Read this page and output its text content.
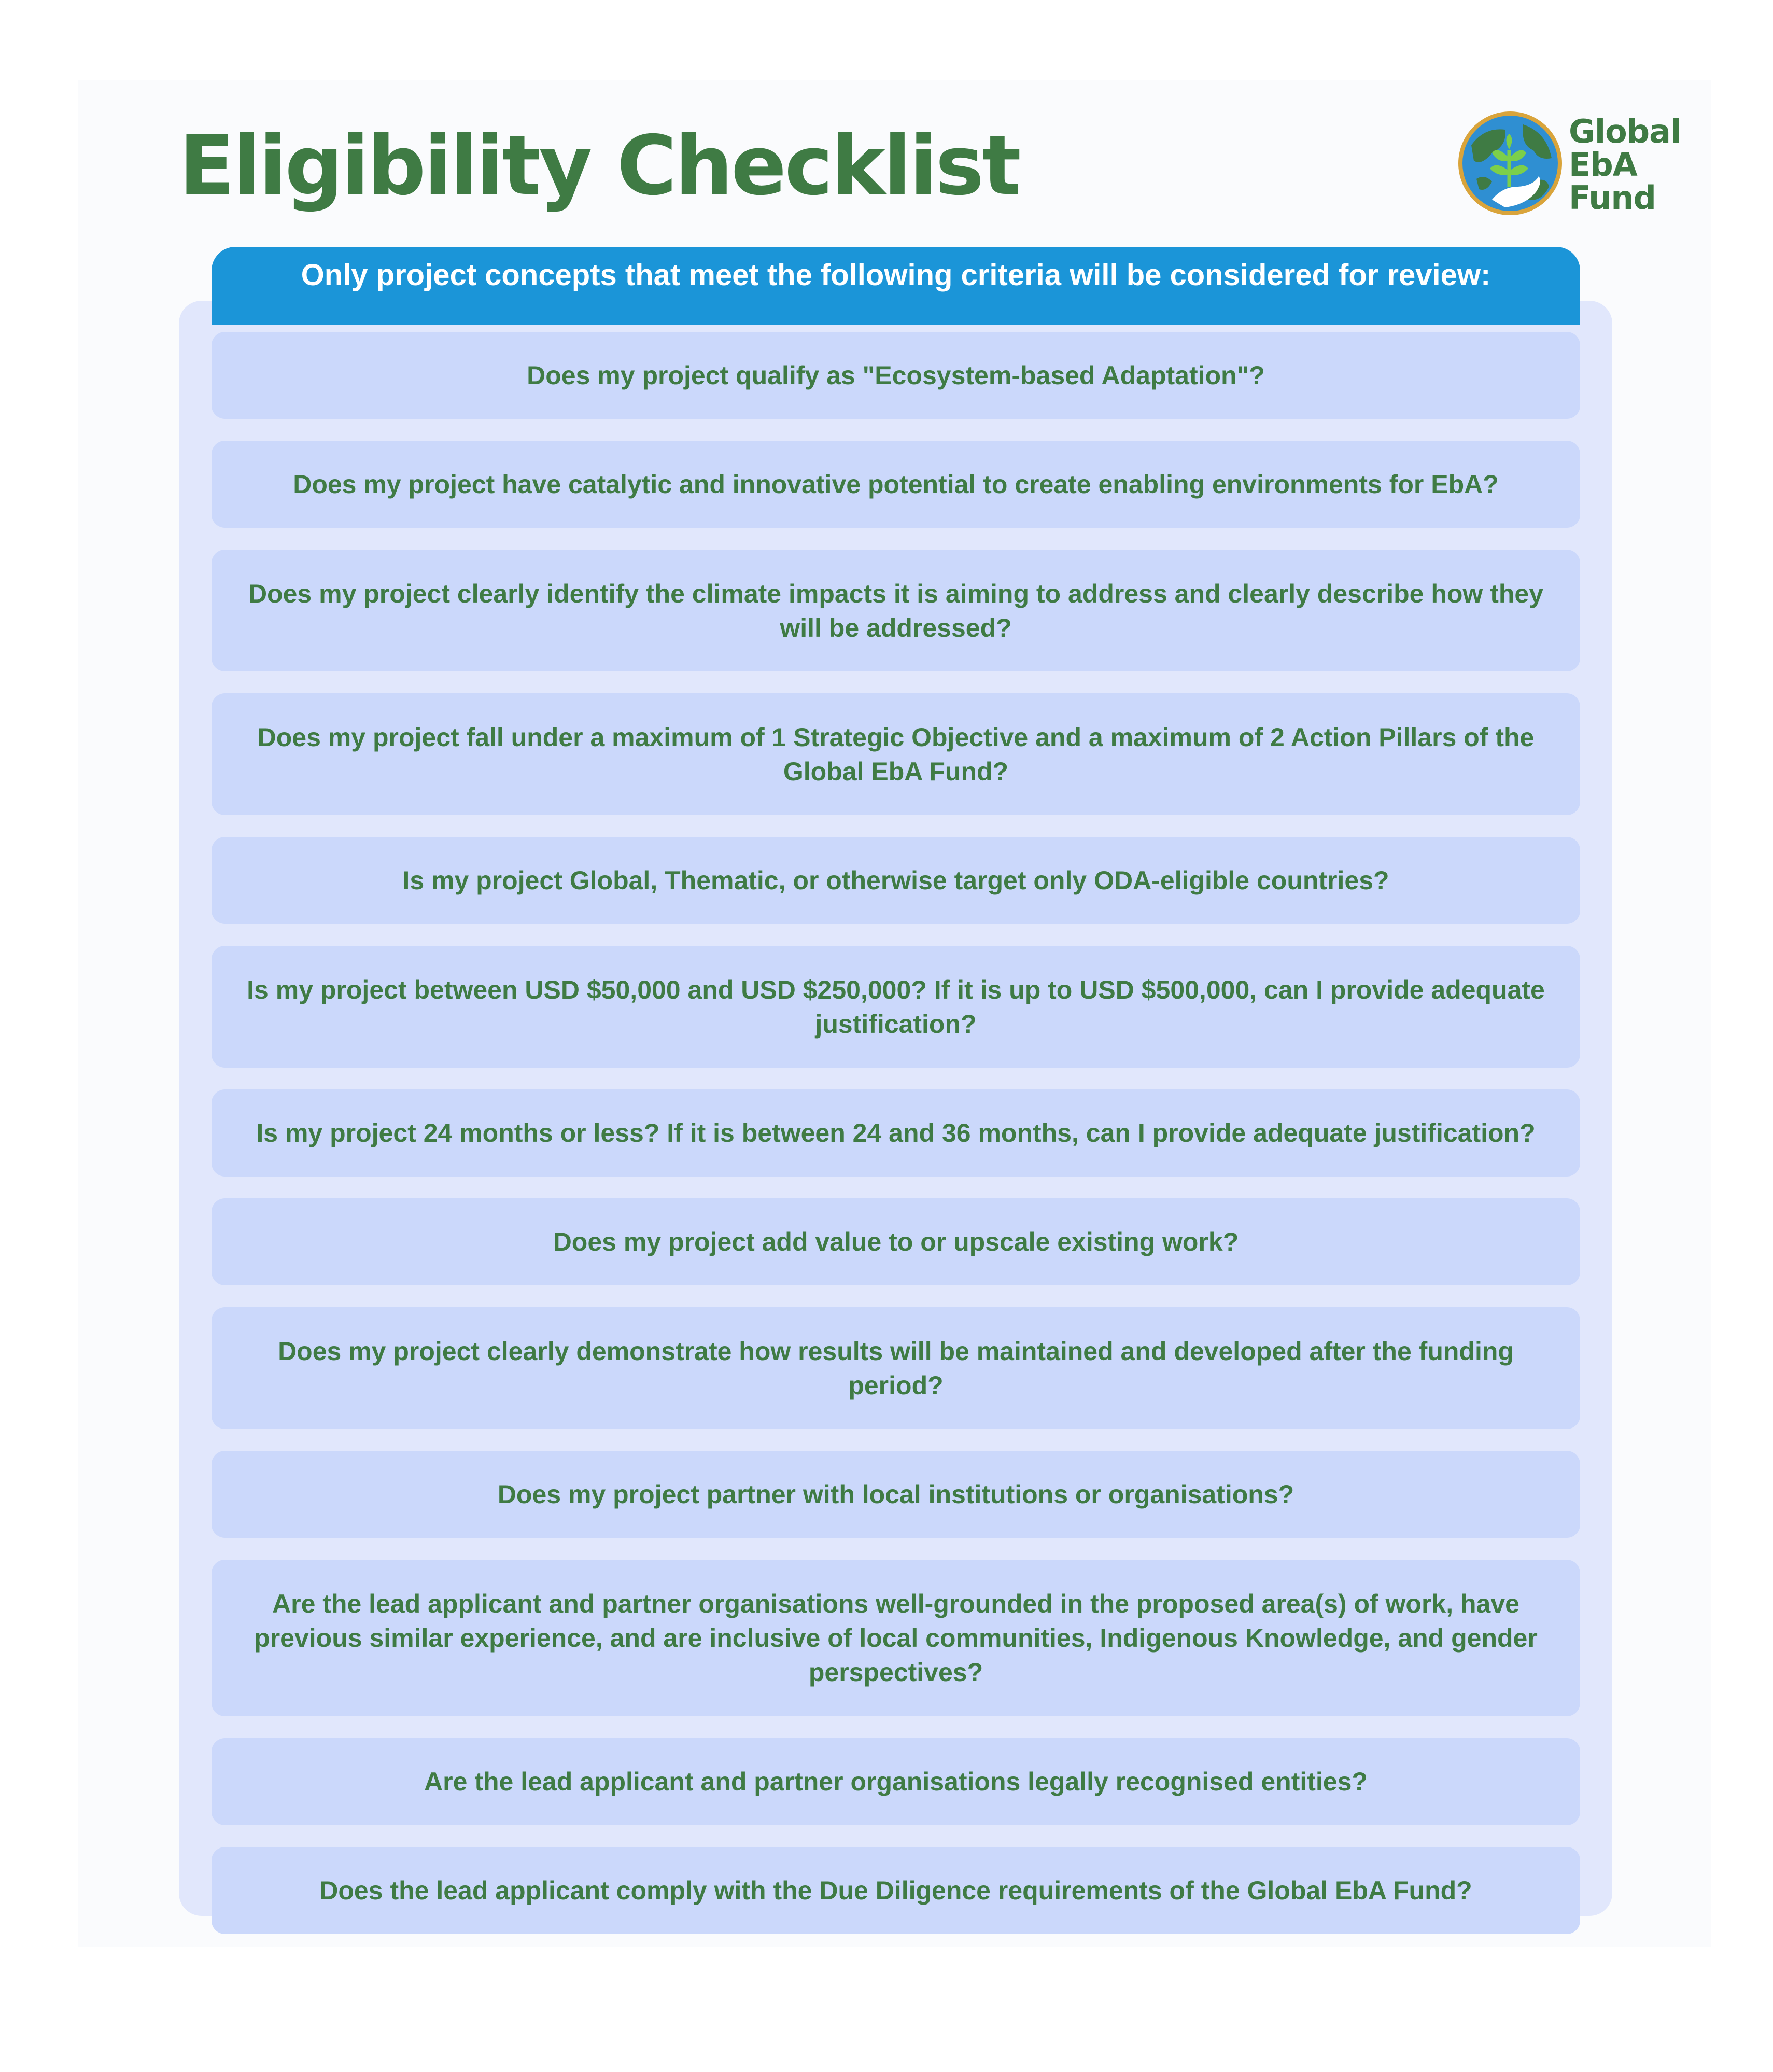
Eligibility Checklist	Global
EbA
Fund
Only project concepts that meet the following criteria will be considered for review:
Does my project qualify as "Ecosystem-based Adaptation"?
Does my project have catalytic and innovative potential to create enabling environments for EbA?
Does my project clearly identify the climate impacts it is aiming to address and clearly describe how they will be addressed?
Does my project fall under a maximum of 1 Strategic Objective and a maximum of 2 Action Pillars of the Global EbA Fund?
Is my project Global, Thematic, or otherwise target only ODA-eligible countries?
Is my project between USD $50,000 and USD $250,000? If it is up to USD $500,000, can I provide adequate justification?
Is my project 24 months or less? If it is between 24 and 36 months, can I provide adequate justification?
Does my project add value to or upscale existing work?
Does my project clearly demonstrate how results will be maintained and developed after the funding period?
Does my project partner with local institutions or organisations?
Are the lead applicant and partner organisations well-grounded in the proposed area(s) of work, have previous similar experience, and are inclusive of local communities, Indigenous Knowledge, and gender perspectives?
Are the lead applicant and partner organisations legally recognised entities?
Does the lead applicant comply with the Due Diligence requirements of the Global EbA Fund?
